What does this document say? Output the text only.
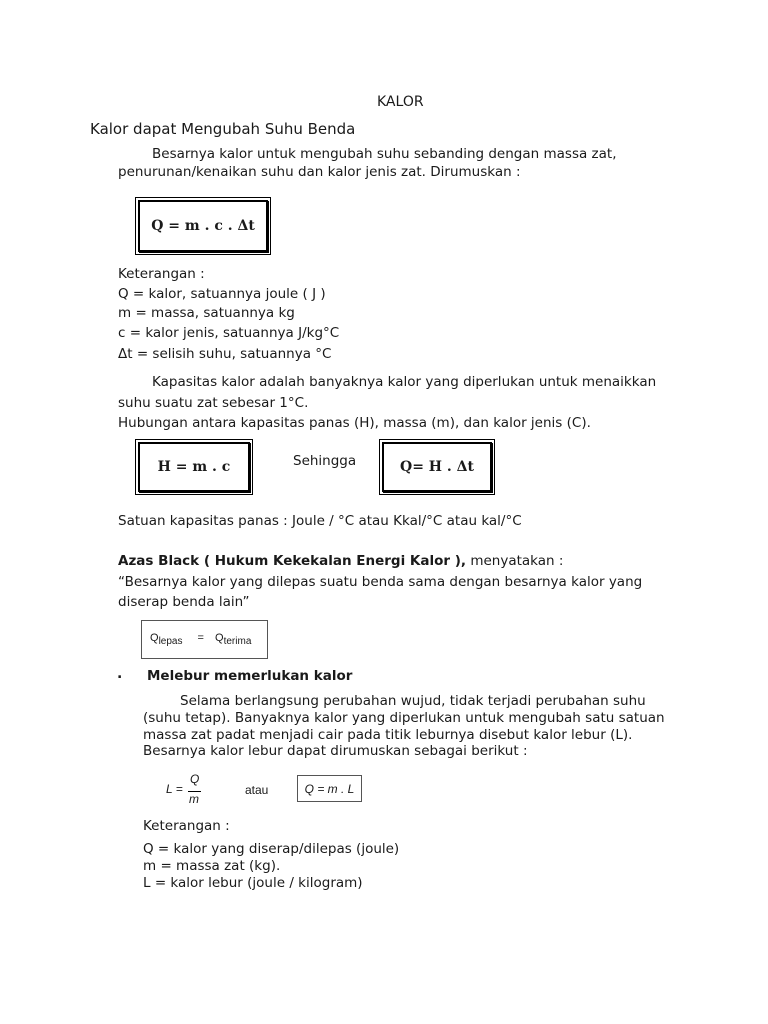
KALOR
Kalor dapat Mengubah Suhu Benda
Besarnya kalor untuk mengubah suhu sebanding dengan massa zat,
penurunan/kenaikan suhu dan kalor jenis zat. Dirumuskan :
Q = m . c . Δt
Keterangan :
Q = kalor, satuannya joule ( J )
m = massa, satuannya kg
c = kalor jenis, satuannya J/kg°C
Δt = selisih suhu, satuannya °C
Kapasitas kalor adalah banyaknya kalor yang diperlukan untuk menaikkan
suhu suatu zat sebesar 1°C.
Hubungan antara kapasitas panas (H), massa (m), dan kalor jenis (C).
H = m . c	Sehingga	Q= H . Δt
Satuan kapasitas panas : Joule / °C atau Kkal/°C atau kal/°C
Azas Black ( Hukum Kekekalan Energi Kalor ), menyatakan :
“Besarnya kalor yang dilepas suatu benda sama dengan besarnya kalor yang
diserap benda lain”
$Q_{lepas} = Q_{terima}$
. Melebur memerlukan kalor
Selama berlangsung perubahan wujud, tidak terjadi perubahan suhu
(suhu tetap). Banyaknya kalor yang diperlukan untuk mengubah satu satuan
massa zat padat menjadi cair pada titik leburnya disebut kalor lebur (L).
Besarnya kalor lebur dapat dirumuskan sebagai berikut :
L =
Q
m
atau	Q = m . L
Keterangan :
Q = kalor yang diserap/dilepas (joule)
m = massa zat (kg).
L = kalor lebur (joule / kilogram)
